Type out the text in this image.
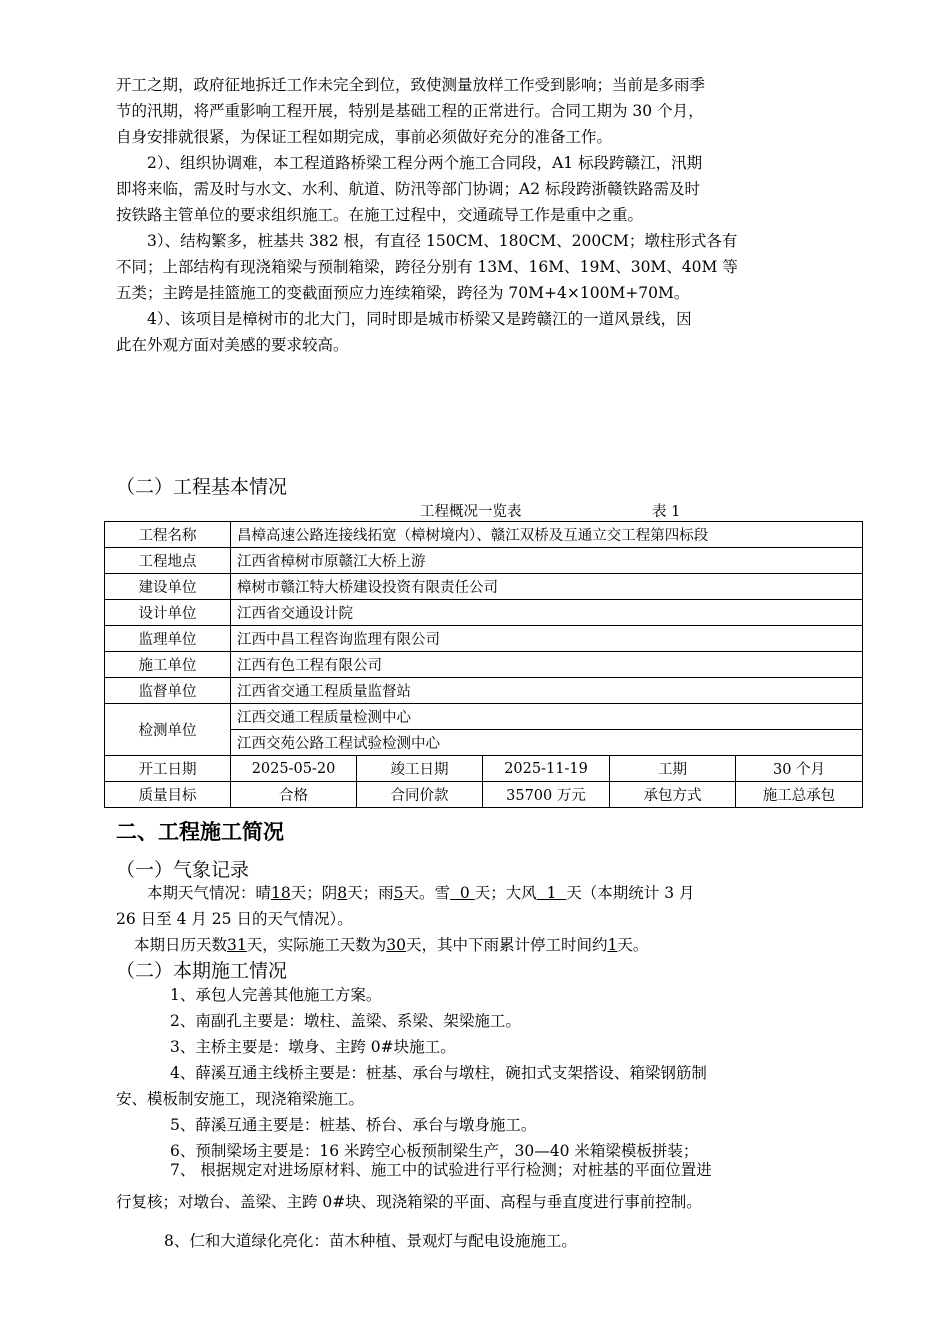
开工之期，政府征地拆迁工作未完全到位，致使测量放样工作受到影响；当前是多雨季
节的汛期，将严重影响工程开展，特别是基础工程的正常进行。合同工期为 30 个月，
自身安排就很紧，为保证工程如期完成，事前必须做好充分的准备工作。
2）、组织协调难，本工程道路桥梁工程分两个施工合同段，A1 标段跨赣江，汛期
即将来临，需及时与水文、水利、航道、防汛等部门协调；A2 标段跨浙赣铁路需及时
按铁路主管单位的要求组织施工。在施工过程中，交通疏导工作是重中之重。
3）、结构繁多，桩基共 382 根，有直径 150CM、180CM、200CM；墩柱形式各有
不同；上部结构有现浇箱梁与预制箱梁，跨径分别有 13M、16M、19M、30M、40M 等
五类；主跨是挂篮施工的变截面预应力连续箱梁，跨径为 70M+4×100M+70M。
4）、该项目是樟树市的北大门，同时即是城市桥梁又是跨赣江的一道风景线，因
此在外观方面对美感的要求较高。
（二）工程基本情况
工程概况一览表	表 1
工程名称	昌樟高速公路连接线拓宽（樟树境内）、赣江双桥及互通立交工程第四标段				
工程地点	江西省樟树市原赣江大桥上游				
建设单位	樟树市赣江特大桥建设投资有限责任公司				
设计单位	江西省交通设计院				
监理单位	江西中昌工程咨询监理有限公司				
施工单位	江西有色工程有限公司				
监督单位	江西省交通工程质量监督站				
检测单位	江西交通工程质量检测中心				
	江西交苑公路工程试验检测中心				
开工日期	2025-05-20	竣工日期	2025-11-19	工期	30 个月
质量目标	合格	合同价款	35700 万元	承包方式	施工总承包
二、工程施工简况
（一）气象记录
本期天气情况：晴18天；阴8天；雨5天。雪  0 天；大风  1  天（本期统计 3 月
26 日至 4 月 25 日的天气情况）。
本期日历天数31天，实际施工天数为30天，其中下雨累计停工时间约1天。
（二）本期施工情况
1、承包人完善其他施工方案。
2、南副孔主要是：墩柱、盖梁、系梁、架梁施工。
3、主桥主要是：墩身、主跨 0#块施工。
4、薛溪互通主线桥主要是：桩基、承台与墩柱，碗扣式支架搭设、箱梁钢筋制
安、模板制安施工，现浇箱梁施工。
5、薛溪互通主要是：桩基、桥台、承台与墩身施工。
6、预制梁场主要是：16 米跨空心板预制梁生产，30—40 米箱梁模板拼装；
7、 根据规定对进场原材料、施工中的试验进行平行检测；对桩基的平面位置进
行复核；对墩台、盖梁、主跨 0#块、现浇箱梁的平面、高程与垂直度进行事前控制。
8、仁和大道绿化亮化：苗木种植、景观灯与配电设施施工。
